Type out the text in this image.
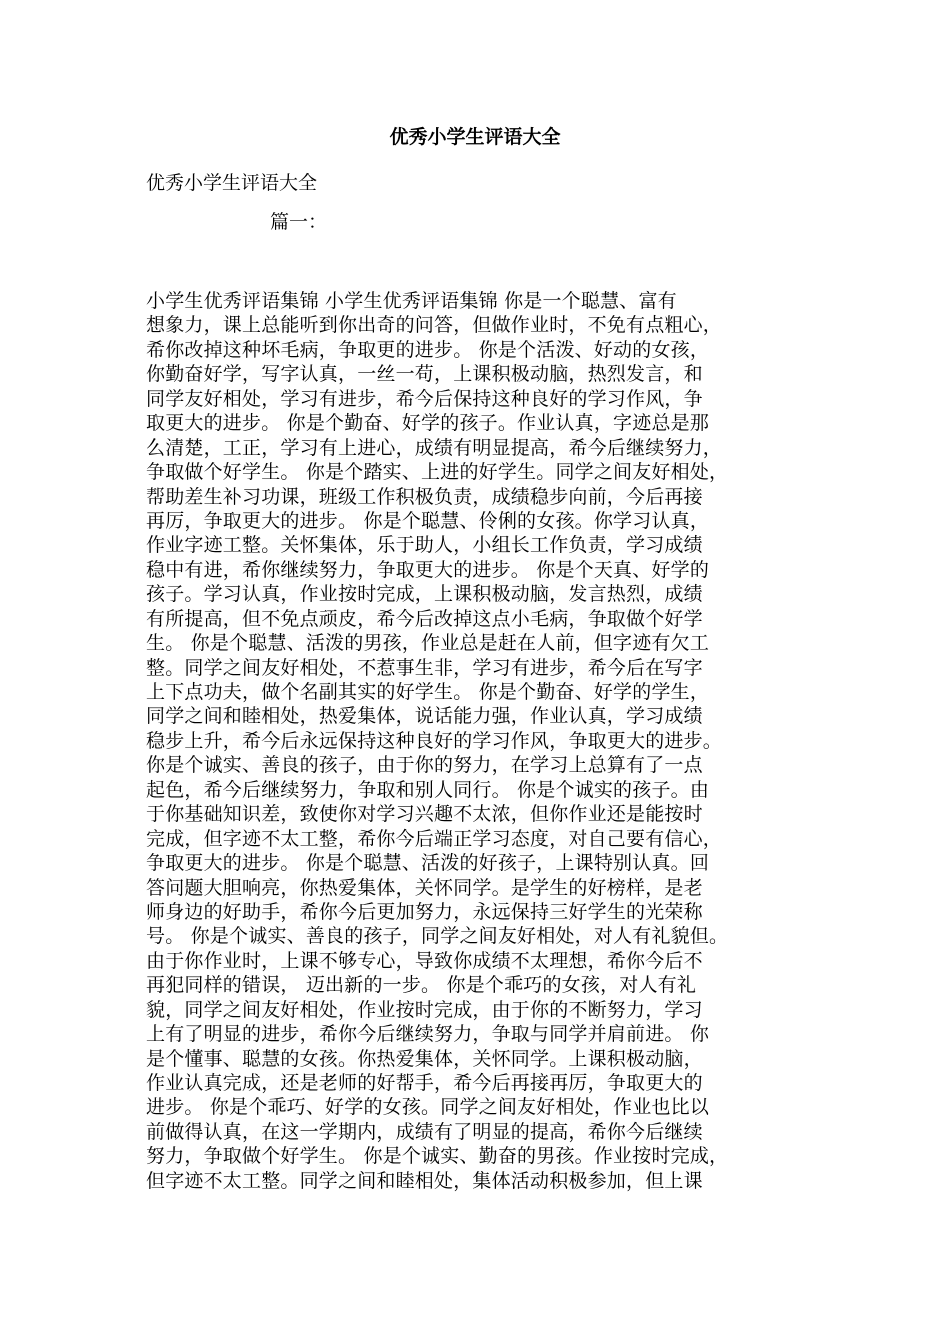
优秀小学生评语大全

优秀小学生评语大全

篇一：

小学生优秀评语集锦 小学生优秀评语集锦 你是一个聪慧、富有
想象力，课上总能听到你出奇的问答，但做作业时，不免有点粗心，
希你改掉这种坏毛病，争取更的进步。 你是个活泼、好动的女孩，
你勤奋好学，写字认真，一丝一苟，上课积极动脑，热烈发言，和
同学友好相处，学习有进步，希今后保持这种良好的学习作风，争
取更大的进步。 你是个勤奋、好学的孩子。作业认真，字迹总是那
么清楚，工正，学习有上进心，成绩有明显提高，希今后继续努力，
争取做个好学生。 你是个踏实、上进的好学生。同学之间友好相处，
帮助差生补习功课，班级工作积极负责，成绩稳步向前，今后再接
再厉，争取更大的进步。 你是个聪慧、伶俐的女孩。你学习认真，
作业字迹工整。关怀集体，乐于助人，小组长工作负责，学习成绩
稳中有进，希你继续努力，争取更大的进步。 你是个天真、好学的
孩子。学习认真，作业按时完成，上课积极动脑，发言热烈，成绩
有所提高，但不免点顽皮，希今后改掉这点小毛病，争取做个好学
生。 你是个聪慧、活泼的男孩，作业总是赶在人前，但字迹有欠工
整。同学之间友好相处，不惹事生非，学习有进步，希今后在写字
上下点功夫，做个名副其实的好学生。 你是个勤奋、好学的学生，
同学之间和睦相处，热爱集体，说话能力强，作业认真，学习成绩
稳步上升，希今后永远保持这种良好的学习作风，争取更大的进步。
你是个诚实、善良的孩子，由于你的努力，在学习上总算有了一点
起色，希今后继续努力，争取和别人同行。 你是个诚实的孩子。由
于你基础知识差，致使你对学习兴趣不太浓，但你作业还是能按时
完成，但字迹不太工整，希你今后端正学习态度，对自己要有信心，
争取更大的进步。 你是个聪慧、活泼的好孩子，上课特别认真。回
答问题大胆响亮，你热爱集体，关怀同学。是学生的好榜样，是老
师身边的好助手，希你今后更加努力，永远保持三好学生的光荣称
号。 你是个诚实、善良的孩子，同学之间友好相处，对人有礼貌但。
由于你作业时，上课不够专心，导致你成绩不太理想，希你今后不
再犯同样的错误， 迈出新的一步。 你是个乖巧的女孩，对人有礼
貌，同学之间友好相处，作业按时完成，由于你的不断努力，学习
上有了明显的进步，希你今后继续努力，争取与同学并肩前进。 你
是个懂事、聪慧的女孩。你热爱集体，关怀同学。上课积极动脑，
作业认真完成，还是老师的好帮手，希今后再接再厉，争取更大的
进步。 你是个乖巧、好学的女孩。同学之间友好相处，作业也比以
前做得认真，在这一学期内，成绩有了明显的提高，希你今后继续
努力，争取做个好学生。 你是个诚实、勤奋的男孩。作业按时完成，
但字迹不太工整。同学之间和睦相处，集体活动积极参加，但上课
